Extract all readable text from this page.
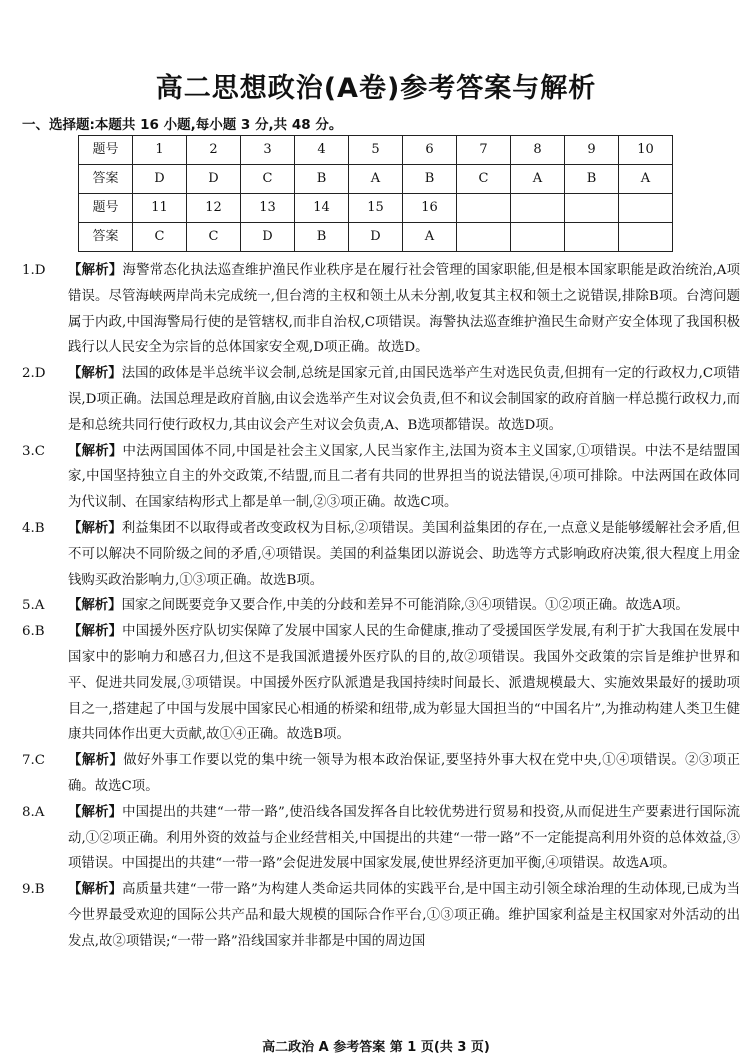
高二思想政治(A卷)参考答案与解析
一、选择题:本题共 16 小题,每小题 3 分,共 48 分。
题号	1	2	3	4	5	6	7	8	9	10
答案	D	D	C	B	A	B	C	A	B	A
题号	11	12	13	14	15	16				
答案	C	C	D	B	D	A				
1.D	【解析】海警常态化执法巡查维护渔民作业秩序是在履行社会管理的国家职能,但是根本国家职能是政治统治,A项错误。尽管海峡两岸尚未完成统一,但台湾的主权和领土从未分割,收复其主权和领土之说错误,排除B项。台湾问题属于内政,中国海警局行使的是管辖权,而非自治权,C项错误。海警执法巡查维护渔民生命财产安全体现了我国积极践行以人民安全为宗旨的总体国家安全观,D项正确。故选D。
2.D	【解析】法国的政体是半总统半议会制,总统是国家元首,由国民选举产生对选民负责,但拥有一定的行政权力,C项错误,D项正确。法国总理是政府首脑,由议会选举产生对议会负责,但不和议会制国家的政府首脑一样总揽行政权力,而是和总统共同行使行政权力,其由议会产生对议会负责,A、B选项都错误。故选D项。
3.C	【解析】中法两国国体不同,中国是社会主义国家,人民当家作主,法国为资本主义国家,①项错误。中法不是结盟国家,中国坚持独立自主的外交政策,不结盟,而且二者有共同的世界担当的说法错误,④项可排除。中法两国在政体同为代议制、在国家结构形式上都是单一制,②③项正确。故选C项。
4.B	【解析】利益集团不以取得或者改变政权为目标,②项错误。美国利益集团的存在,一点意义是能够缓解社会矛盾,但不可以解决不同阶级之间的矛盾,④项错误。美国的利益集团以游说会、助选等方式影响政府决策,很大程度上用金钱购买政治影响力,①③项正确。故选B项。
5.A	【解析】国家之间既要竞争又要合作,中美的分歧和差异不可能消除,③④项错误。①②项正确。故选A项。
6.B	【解析】中国援外医疗队切实保障了发展中国家人民的生命健康,推动了受援国医学发展,有利于扩大我国在发展中国家中的影响力和感召力,但这不是我国派遣援外医疗队的目的,故②项错误。我国外交政策的宗旨是维护世界和平、促进共同发展,③项错误。中国援外医疗队派遣是我国持续时间最长、派遣规模最大、实施效果最好的援助项目之一,搭建起了中国与发展中国家民心相通的桥梁和纽带,成为彰显大国担当的“中国名片”,为推动构建人类卫生健康共同体作出更大贡献,故①④正确。故选B项。
7.C	【解析】做好外事工作要以党的集中统一领导为根本政治保证,要坚持外事大权在党中央,①④项错误。②③项正确。故选C项。
8.A	【解析】中国提出的共建“一带一路”,使沿线各国发挥各自比较优势进行贸易和投资,从而促进生产要素进行国际流动,①②项正确。利用外资的效益与企业经营相关,中国提出的共建“一带一路”不一定能提高利用外资的总体效益,③项错误。中国提出的共建“一带一路”会促进发展中国家发展,使世界经济更加平衡,④项错误。故选A项。
9.B	【解析】高质量共建“一带一路”为构建人类命运共同体的实践平台,是中国主动引领全球治理的生动体现,已成为当今世界最受欢迎的国际公共产品和最大规模的国际合作平台,①③项正确。维护国家利益是主权国家对外活动的出发点,故②项错误;“一带一路”沿线国家并非都是中国的周边国
高二政治 A 参考答案 第 1 页(共 3 页)
